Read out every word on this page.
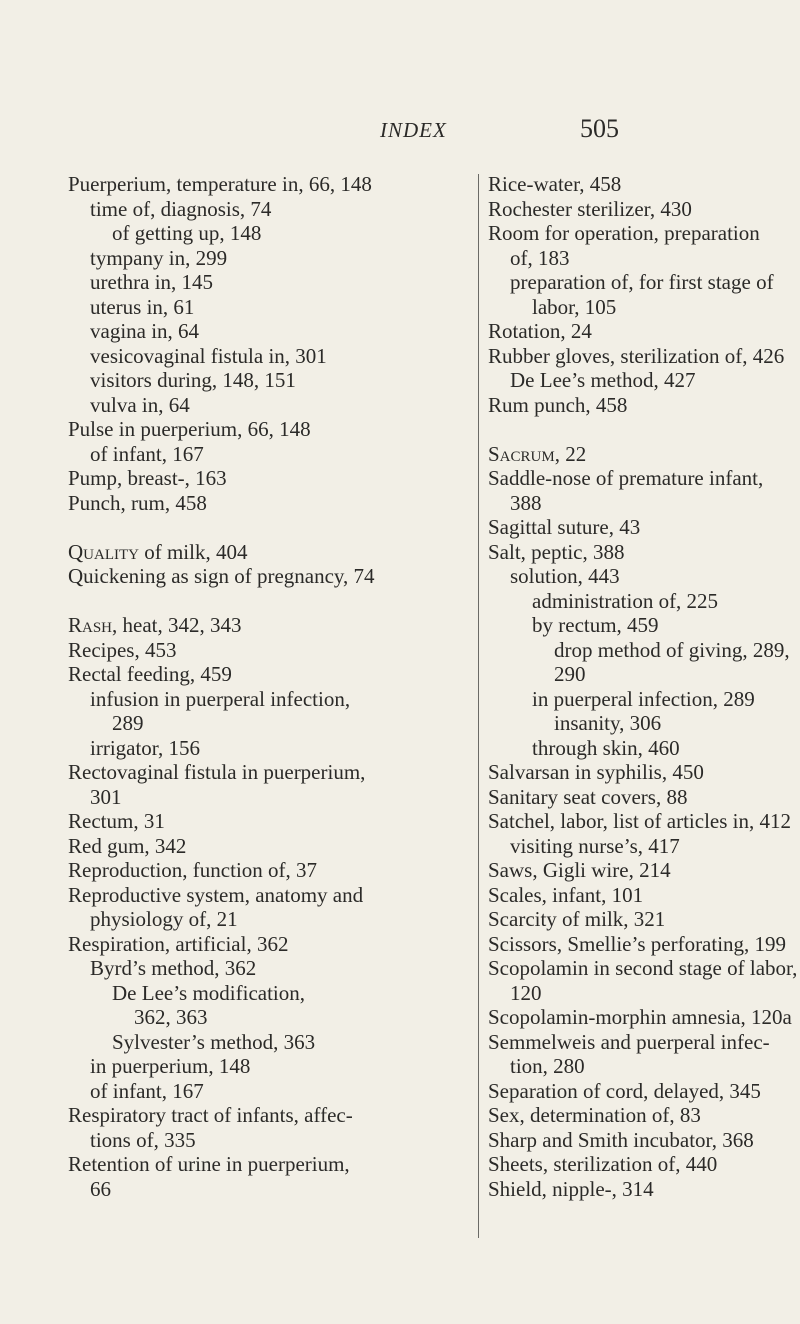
INDEX	505
Puerperium, temperature in, 66, 148
time of, diagnosis, 74
of getting up, 148
tympany in, 299
urethra in, 145
uterus in, 61
vagina in, 64
vesicovaginal fistula in, 301
visitors during, 148, 151
vulva in, 64
Pulse in puerperium, 66, 148
of infant, 167
Pump, breast-, 163
Punch, rum, 458
Quality of milk, 404
Quickening as sign of pregnancy, 74
Rash, heat, 342, 343
Recipes, 453
Rectal feeding, 459
infusion in puerperal infection,
289
irrigator, 156
Rectovaginal fistula in puerperium,
301
Rectum, 31
Red gum, 342
Reproduction, function of, 37
Reproductive system, anatomy and
physiology of, 21
Respiration, artificial, 362
Byrd’s method, 362
De Lee’s modification,
362, 363
Sylvester’s method, 363
in puerperium, 148
of infant, 167
Respiratory tract of infants, affec-
tions of, 335
Retention of urine in puerperium,
66
Rice-water, 458
Rochester sterilizer, 430
Room for operation, preparation
of, 183
preparation of, for first stage of
labor, 105
Rotation, 24
Rubber gloves, sterilization of, 426
De Lee’s method, 427
Rum punch, 458
Sacrum, 22
Saddle-nose of premature infant,
388
Sagittal suture, 43
Salt, peptic, 388
solution, 443
administration of, 225
by rectum, 459
drop method of giving, 289,
290
in puerperal infection, 289
insanity, 306
through skin, 460
Salvarsan in syphilis, 450
Sanitary seat covers, 88
Satchel, labor, list of articles in, 412
visiting nurse’s, 417
Saws, Gigli wire, 214
Scales, infant, 101
Scarcity of milk, 321
Scissors, Smellie’s perforating, 199
Scopolamin in second stage of labor,
120
Scopolamin-morphin amnesia, 120a
Semmelweis and puerperal infec-
tion, 280
Separation of cord, delayed, 345
Sex, determination of, 83
Sharp and Smith incubator, 368
Sheets, sterilization of, 440
Shield, nipple-, 314
